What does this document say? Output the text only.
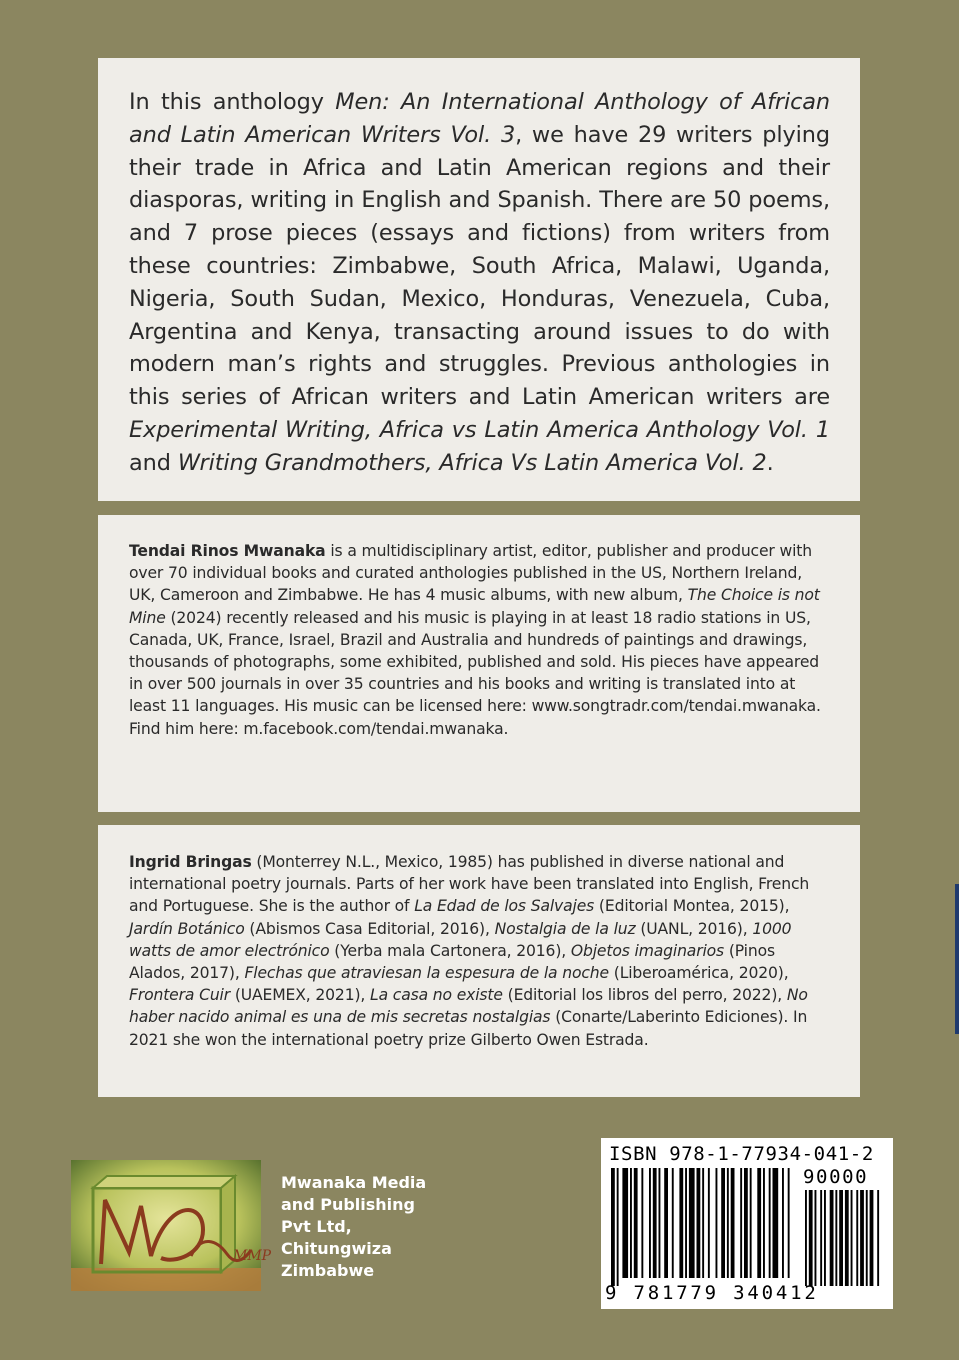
In this anthology Men: An International Anthology of African and Latin American Writers Vol. 3, we have 29 writers plying their trade in Africa and Latin American regions and their diasporas, writing in English and Spanish. There are 50 poems, and 7 prose pieces (essays and fictions) from writers from these countries: Zimbabwe, South Africa, Malawi, Uganda, Nigeria, South Sudan, Mexico, Honduras, Venezuela, Cuba, Argentina and Kenya, transacting around issues to do with modern man’s rights and struggles. Previous anthologies in this series of African writers and Latin American writers are Experimental Writing, Africa vs Latin America Anthology Vol. 1 and Writing Grandmothers, Africa Vs Latin America Vol. 2.

Tendai Rinos Mwanaka is a multidisciplinary artist, editor, publisher and producer with over 70 individual books and curated anthologies published in the US, Northern Ireland, UK, Cameroon and Zimbabwe. He has 4 music albums, with new album, The Choice is not Mine (2024) recently released and his music is playing in at least 18 radio stations in US, Canada, UK, France, Israel, Brazil and Australia and hundreds of paintings and drawings, thousands of photographs, some exhibited, published and sold. His pieces have appeared in over 500 journals in over 35 countries and his books and writing is translated into at least 11 languages. His music can be licensed here: www.songtradr.com/tendai.​mwanaka. Find him here: m.facebook.com/tendai.mwanaka.

Ingrid Bringas (Monterrey N.L., Mexico, 1985) has published in diverse national and international poetry journals. Parts of her work have been translated into English, French and Portuguese. She is the author of La Edad de los Salvajes (Editorial Montea, 2015), Jardín Botánico (Abismos Casa Editorial, 2016), Nostalgia de la luz (UANL, 2016), 1000 watts de amor electrónico (Yerba mala Cartonera, 2016), Objetos imaginarios (Pinos Alados, 2017), Flechas que atraviesan la espesura de la noche (Liberoamérica, 2020), Frontera Cuir (UAEMEX, 2021), La casa no existe (Editorial los libros del perro, 2022), No haber nacido animal es una de mis secretas nostalgias (Conarte/Laberinto Ediciones). In 2021 she won the international poetry prize Gilberto Owen Estrada.

MMP
Mwanaka Media
and Publishing
Pvt Ltd,
Chitungwiza
Zimbabwe
ISBN 978-1-77934-041-2
90000
9 781779 340412
